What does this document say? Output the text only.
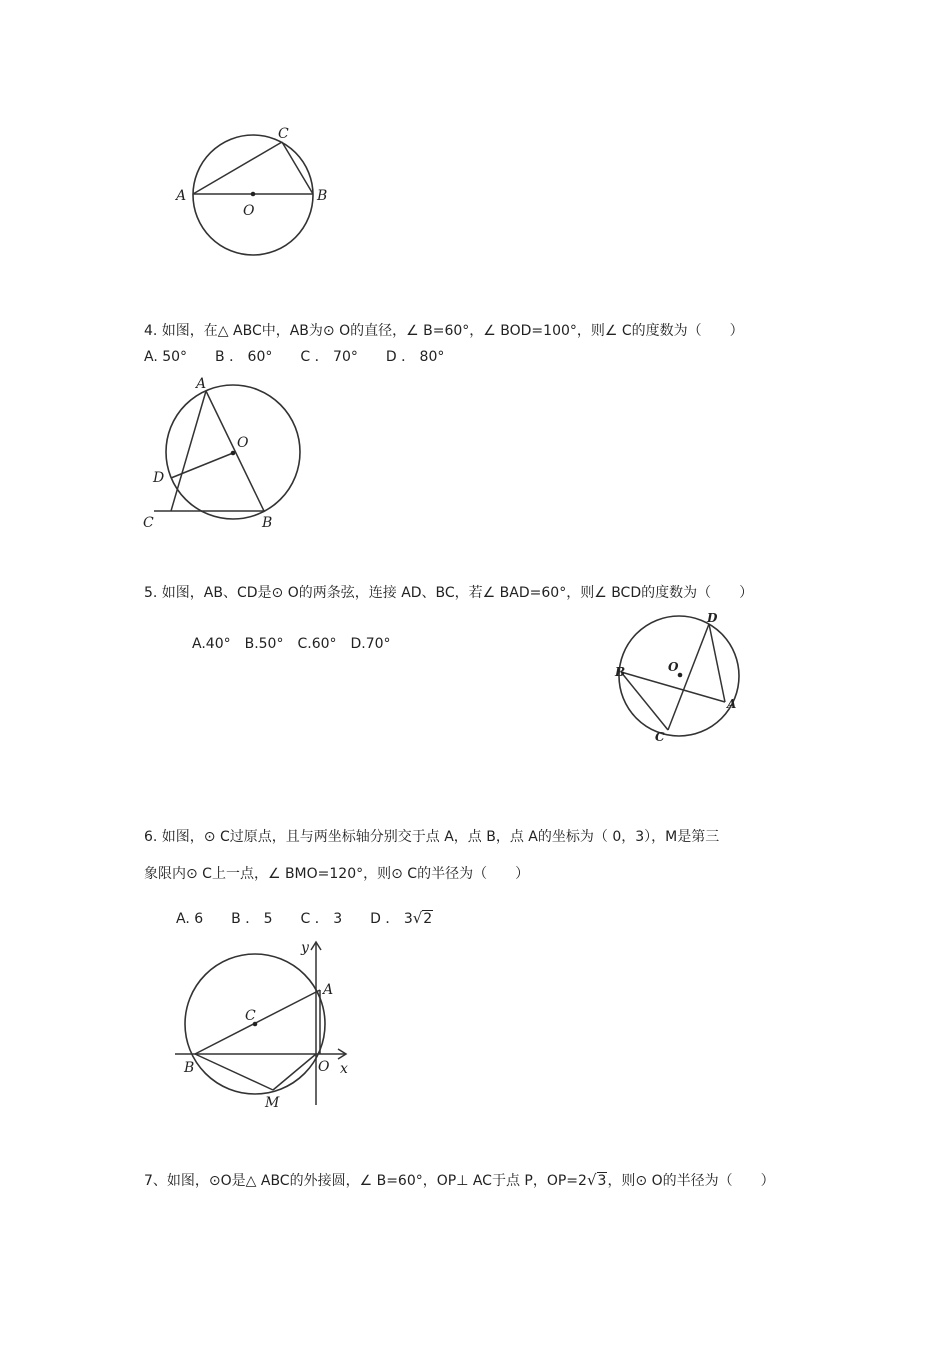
A	B
C
O
4. 如图，在△ ABC中，AB为⊙ O的直径，∠ B=60°，∠ BOD=100°，则∠ C的度数为（　　）
A. 50°　　B ． 60°　　C ． 70°　　D ． 80°
A
B
C
D
O
5. 如图，AB、CD是⊙ O的两条弦，连接 AD、BC，若∠ BAD=60°，则∠ BCD的度数为（　　）
A.40°　B.50°　C.60°　D.70°
A
B
C
D
O
6. 如图，⊙ C过原点，且与两坐标轴分别交于点 A，点 B，点 A的坐标为（ 0，3），M是第三
象限内⊙ C上一点，∠ BMO=120°，则⊙ C的半径为（　　）
A. 6　　B ． 5　　C ． 3　　D ． 3√2
A
B
C
M
O x
y
7、如图，⊙O是△ ABC的外接圆，∠ B=60°，OP⊥ AC于点 P，OP=2√3，则⊙ O的半径为（　　）
